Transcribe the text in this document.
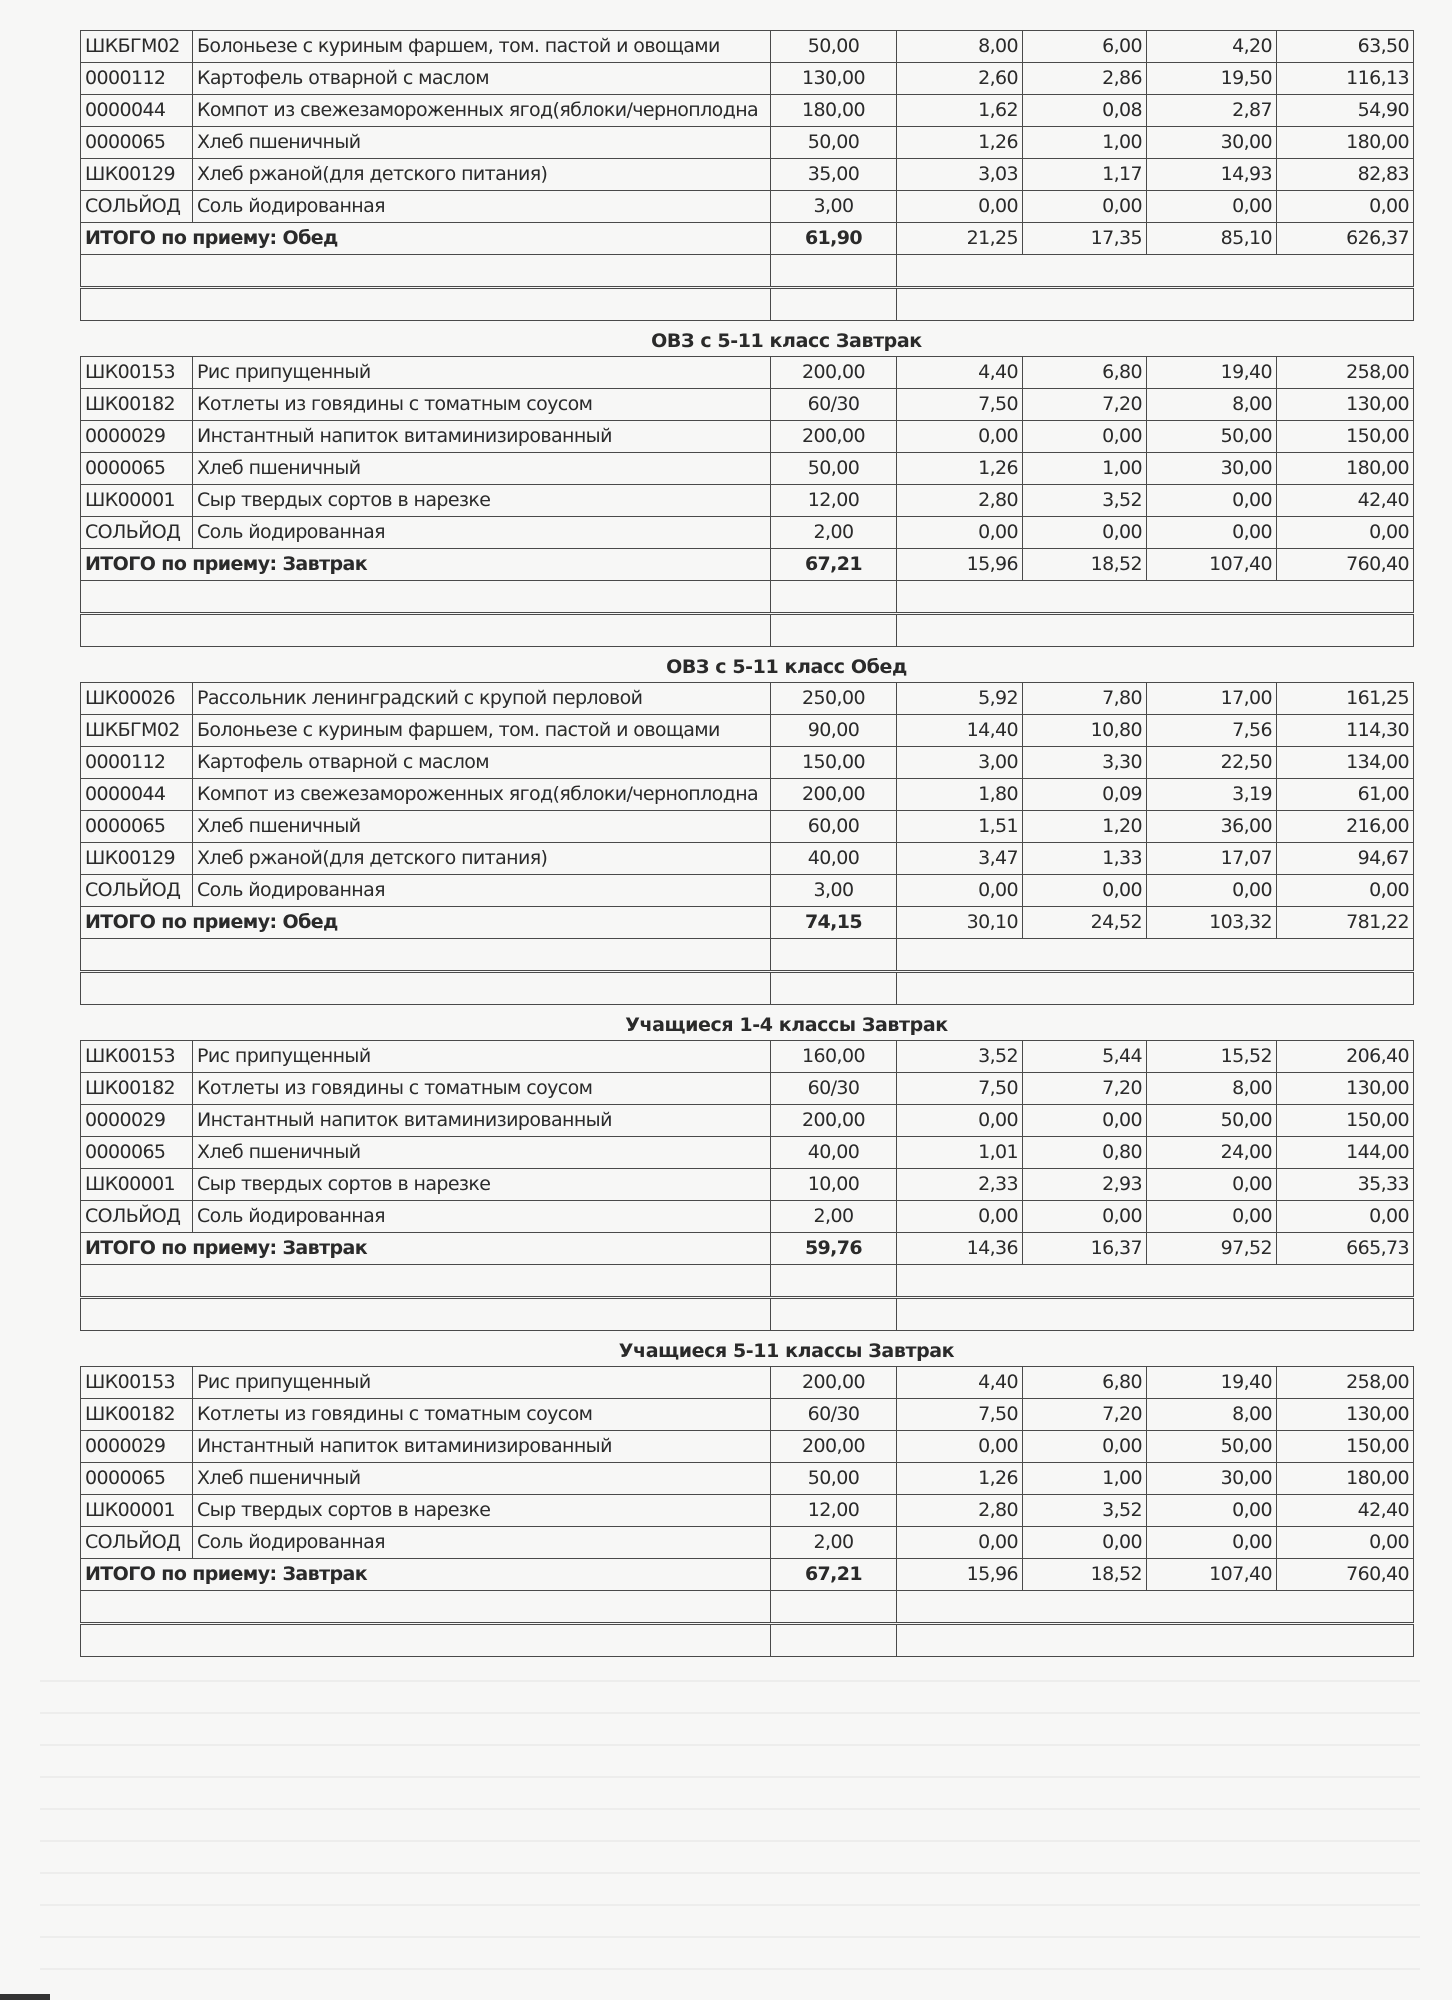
ШКБГМ02	Болоньезе с куриным фаршем, том. пастой и овощами	50,00	8,00	6,00	4,20	63,50
0000112	Картофель отварной с маслом	130,00	2,60	2,86	19,50	116,13
0000044	Компот из свежезамороженных ягод(яблоки/черноплодна	180,00	1,62	0,08	2,87	54,90
0000065	Хлеб пшеничный	50,00	1,26	1,00	30,00	180,00
ШК00129	Хлеб ржаной(для детского питания)	35,00	3,03	1,17	14,93	82,83
СОЛЬЙОД	Соль йодированная	3,00	0,00	0,00	0,00	0,00
ИТОГО по приему: Обед		61,90	21,25	17,35	85,10	626,37

ОВЗ с 5-11 класс Завтрак
ШК00153	Рис припущенный	200,00	4,40	6,80	19,40	258,00
ШК00182	Котлеты из говядины с томатным соусом	60/30	7,50	7,20	8,00	130,00
0000029	Инстантный напиток витаминизированный	200,00	0,00	0,00	50,00	150,00
0000065	Хлеб пшеничный	50,00	1,26	1,00	30,00	180,00
ШК00001	Сыр твердых сортов в нарезке	12,00	2,80	3,52	0,00	42,40
СОЛЬЙОД	Соль йодированная	2,00	0,00	0,00	0,00	0,00
ИТОГО по приему: Завтрак		67,21	15,96	18,52	107,40	760,40

ОВЗ с 5-11 класс Обед
ШК00026	Рассольник ленинградский с крупой перловой	250,00	5,92	7,80	17,00	161,25
ШКБГМ02	Болоньезе с куриным фаршем, том. пастой и овощами	90,00	14,40	10,80	7,56	114,30
0000112	Картофель отварной с маслом	150,00	3,00	3,30	22,50	134,00
0000044	Компот из свежезамороженных ягод(яблоки/черноплодна	200,00	1,80	0,09	3,19	61,00
0000065	Хлеб пшеничный	60,00	1,51	1,20	36,00	216,00
ШК00129	Хлеб ржаной(для детского питания)	40,00	3,47	1,33	17,07	94,67
СОЛЬЙОД	Соль йодированная	3,00	0,00	0,00	0,00	0,00
ИТОГО по приему: Обед		74,15	30,10	24,52	103,32	781,22

Учащиеся 1-4 классы Завтрак
ШК00153	Рис припущенный	160,00	3,52	5,44	15,52	206,40
ШК00182	Котлеты из говядины с томатным соусом	60/30	7,50	7,20	8,00	130,00
0000029	Инстантный напиток витаминизированный	200,00	0,00	0,00	50,00	150,00
0000065	Хлеб пшеничный	40,00	1,01	0,80	24,00	144,00
ШК00001	Сыр твердых сортов в нарезке	10,00	2,33	2,93	0,00	35,33
СОЛЬЙОД	Соль йодированная	2,00	0,00	0,00	0,00	0,00
ИТОГО по приему: Завтрак		59,76	14,36	16,37	97,52	665,73

Учащиеся 5-11 классы Завтрак
ШК00153	Рис припущенный	200,00	4,40	6,80	19,40	258,00
ШК00182	Котлеты из говядины с томатным соусом	60/30	7,50	7,20	8,00	130,00
0000029	Инстантный напиток витаминизированный	200,00	0,00	0,00	50,00	150,00
0000065	Хлеб пшеничный	50,00	1,26	1,00	30,00	180,00
ШК00001	Сыр твердых сортов в нарезке	12,00	2,80	3,52	0,00	42,40
СОЛЬЙОД	Соль йодированная	2,00	0,00	0,00	0,00	0,00
ИТОГО по приему: Завтрак		67,21	15,96	18,52	107,40	760,40
